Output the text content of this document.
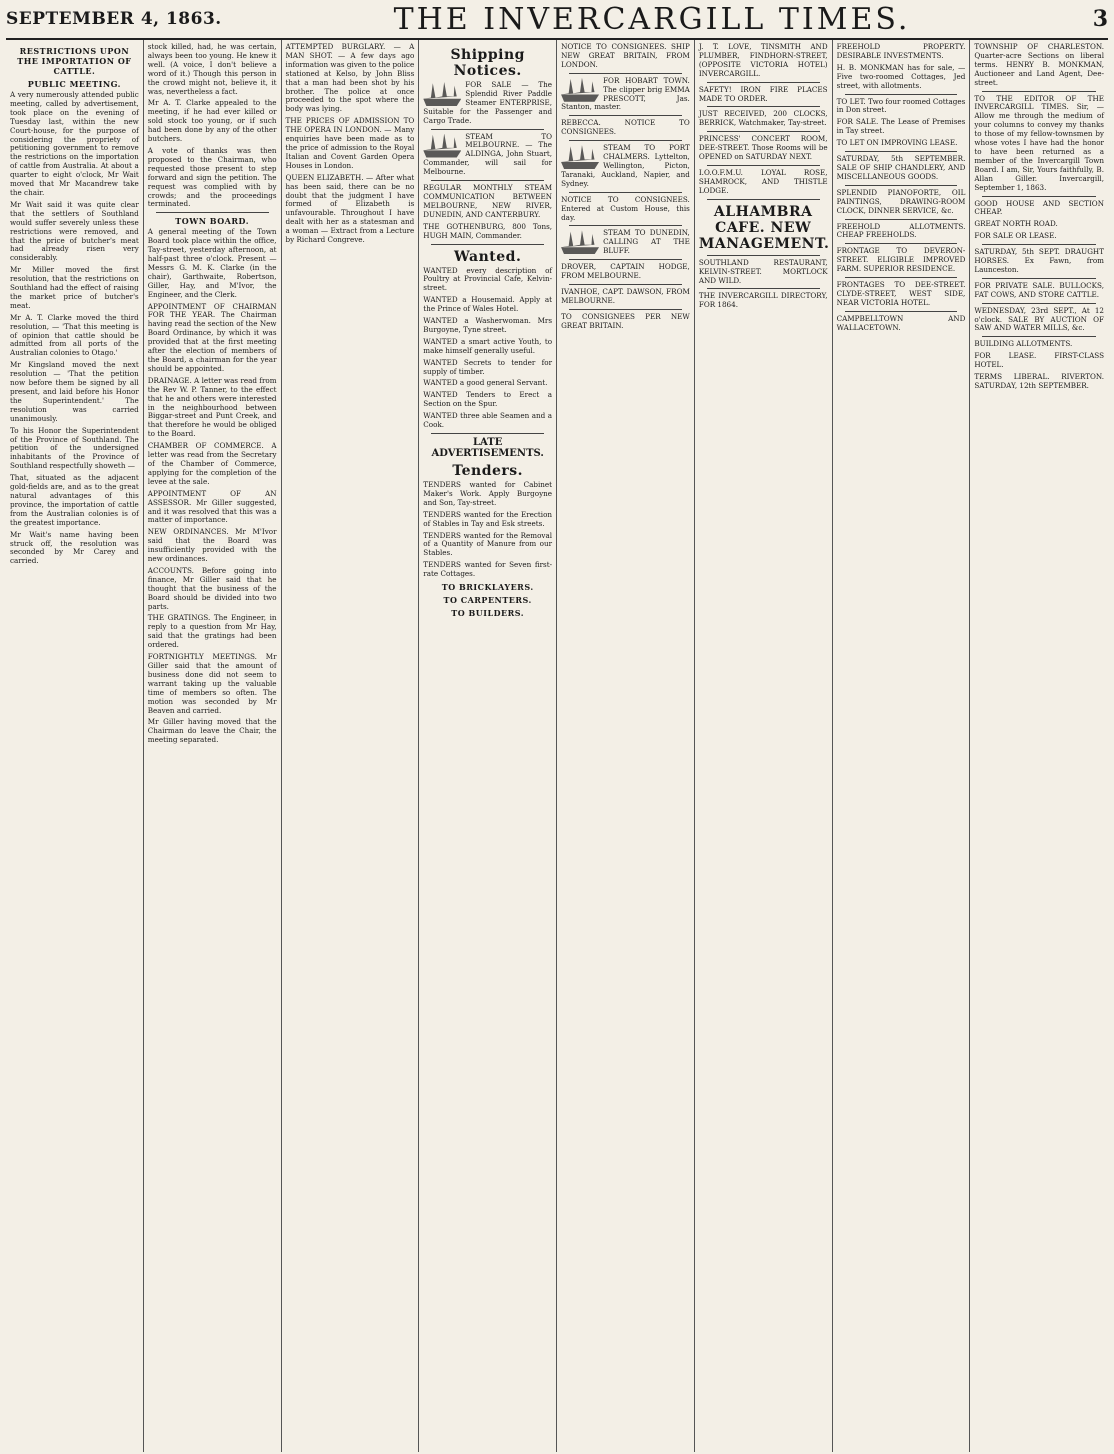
SEPTEMBER 4, 1863.	THE INVERCARGILL TIMES.	3
RESTRICTIONS UPON THE IMPORTATION OF CATTLE.
PUBLIC MEETING.

A very numerously attended public meeting, called by advertisement, took place on the evening of Tuesday last, within the new Court-house, for the purpose of considering the propriety of petitioning government to remove the restrictions on the importation of cattle from Australia. At about a quarter to eight o'clock, Mr Wait moved that Mr Macandrew take the chair.

Mr Wait said it was quite clear that the settlers of Southland would suffer severely unless these restrictions were removed, and that the price of butcher's meat had already risen very considerably.

Mr Miller moved the first resolution, that the restrictions on Southland had the effect of raising the market price of butcher's meat.

Mr A. T. Clarke moved the third resolution, — 'That this meeting is of opinion that cattle should be admitted from all ports of the Australian colonies to Otago.'

Mr Kingsland moved the next resolution — 'That the petition now before them be signed by all present, and laid before his Honor the Superintendent.' The resolution was carried unanimously.

To his Honor the Superintendent of the Province of Southland. The petition of the undersigned inhabitants of the Province of Southland respectfully showeth —

That, situated as the adjacent gold-fields are, and as to the great natural advantages of this province, the importation of cattle from the Australian colonies is of the greatest importance.

Mr Wait's name having been struck off, the resolution was seconded by Mr Carey and carried.

stock killed, had, he was certain, always been too young. He knew it well. (A voice, I don't believe a word of it.) Though this person in the crowd might not, believe it, it was, nevertheless a fact.

Mr A. T. Clarke appealed to the meeting, if he had ever killed or sold stock too young, or if such had been done by any of the other butchers.

A vote of thanks was then proposed to the Chairman, who requested those present to step forward and sign the petition. The request was complied with by crowds; and the proceedings terminated.

TOWN BOARD.

A general meeting of the Town Board took place within the office, Tay-street, yesterday afternoon, at half-past three o'clock. Present — Messrs G. M. K. Clarke (in the chair), Garthwaite, Robertson, Giller, Hay, and M'Ivor, the Engineer, and the Clerk.

APPOINTMENT OF CHAIRMAN FOR THE YEAR. The Chairman having read the section of the New Board Ordinance, by which it was provided that at the first meeting after the election of members of the Board, a chairman for the year should be appointed.

DRAINAGE. A letter was read from the Rev W. P. Tanner, to the effect that he and others were interested in the neighbourhood between Biggar-street and Punt Creek, and that therefore he would be obliged to the Board.

CHAMBER OF COMMERCE. A letter was read from the Secretary of the Chamber of Commerce, applying for the completion of the levee at the sale.

APPOINTMENT OF AN ASSESSOR. Mr Giller suggested, and it was resolved that this was a matter of importance.

NEW ORDINANCES. Mr M'Ivor said that the Board was insufficiently provided with the new ordinances.

ACCOUNTS. Before going into finance, Mr Giller said that he thought that the business of the Board should be divided into two parts.

THE GRATINGS. The Engineer, in reply to a question from Mr Hay, said that the gratings had been ordered.

FORTNIGHTLY MEETINGS. Mr Giller said that the amount of business done did not seem to warrant taking up the valuable time of members so often. The motion was seconded by Mr Beaven and carried.

Mr Giller having moved that the Chairman do leave the Chair, the meeting separated.

ATTEMPTED BURGLARY. — A MAN SHOT. — A few days ago information was given to the police stationed at Kelso, by John Bliss that a man had been shot by his brother. The police at once proceeded to the spot where the body was lying.

THE PRICES OF ADMISSION TO THE OPERA IN LONDON. — Many enquiries have been made as to the price of admission to the Royal Italian and Covent Garden Opera Houses in London.

QUEEN ELIZABETH. — After what has been said, there can be no doubt that the judgment I have formed of Elizabeth is unfavourable. Throughout I have dealt with her as a statesman and a woman — Extract from a Lecture by Richard Congreve.

Shipping Notices.

FOR SALE — The Splendid River Paddle Steamer ENTERPRISE, Suitable for the Passenger and Cargo Trade.

STEAM TO MELBOURNE. — The ALDINGA, John Stuart, Commander, will sail for Melbourne.

REGULAR MONTHLY STEAM COMMUNICATION BETWEEN MELBOURNE, NEW RIVER, DUNEDIN, AND CANTERBURY.

THE GOTHENBURG, 800 Tons, HUGH MAIN, Commander.

Wanted.

WANTED every description of Poultry at Provincial Cafe, Kelvin-street.

WANTED a Housemaid. Apply at the Prince of Wales Hotel.

WANTED a Washerwoman. Mrs Burgoyne, Tyne street.

WANTED a smart active Youth, to make himself generally useful.

WANTED Secrets to tender for supply of timber.

WANTED a good general Servant.

WANTED Tenders to Erect a Section on the Spur.

WANTED three able Seamen and a Cook.

LATE ADVERTISEMENTS.
Tenders.

TENDERS wanted for Cabinet Maker's Work. Apply Burgoyne and Son, Tay-street.

TENDERS wanted for the Erection of Stables in Tay and Esk streets.

TENDERS wanted for the Removal of a Quantity of Manure from our Stables.

TENDERS wanted for Seven first-rate Cottages.

TO BRICKLAYERS.
TO CARPENTERS.
TO BUILDERS.

NOTICE TO CONSIGNEES. SHIP NEW GREAT BRITAIN, FROM LONDON.

FOR HOBART TOWN. The clipper brig EMMA PRESCOTT, Jas. Stanton, master.

REBECCA. NOTICE TO CONSIGNEES.

STEAM TO PORT CHALMERS. Lyttelton, Wellington, Picton, Taranaki, Auckland, Napier, and Sydney.

NOTICE TO CONSIGNEES. Entered at Custom House, this day.

STEAM TO DUNEDIN, CALLING AT THE BLUFF.

DROVER, CAPTAIN HODGE, FROM MELBOURNE.

IVANHOE, CAPT. DAWSON, FROM MELBOURNE.

TO CONSIGNEES PER NEW GREAT BRITAIN.

J. T. LOVE, TINSMITH AND PLUMBER, FINDHORN-STREET, (OPPOSITE VICTORIA HOTEL) INVERCARGILL.

SAFETY! IRON FIRE PLACES MADE TO ORDER.

JUST RECEIVED, 200 CLOCKS, BERRICK, Watchmaker, Tay-street.

PRINCESS' CONCERT ROOM, DEE-STREET. Those Rooms will be OPENED on SATURDAY NEXT.

I.O.O.F.M.U. LOYAL ROSE, SHAMROCK, AND THISTLE LODGE.

ALHAMBRA CAFE. NEW MANAGEMENT.

SOUTHLAND RESTAURANT, KELVIN-STREET. MORTLOCK AND WILD.

THE INVERCARGILL DIRECTORY, FOR 1864.

FREEHOLD PROPERTY. DESIRABLE INVESTMENTS.

H. B. MONKMAN has for sale, — Five two-roomed Cottages, Jed street, with allotments.

TO LET. Two four roomed Cottages in Don street.

FOR SALE. The Lease of Premises in Tay street.

TO LET ON IMPROVING LEASE.

SATURDAY, 5th SEPTEMBER. SALE OF SHIP CHANDLERY, AND MISCELLANEOUS GOODS.

SPLENDID PIANOFORTE, OIL PAINTINGS, DRAWING-ROOM CLOCK, DINNER SERVICE, &c.

FREEHOLD ALLOTMENTS. CHEAP FREEHOLDS.

FRONTAGE TO DEVERON-STREET. ELIGIBLE IMPROVED FARM. SUPERIOR RESIDENCE.

FRONTAGES TO DEE-STREET. CLYDE-STREET, WEST SIDE, NEAR VICTORIA HOTEL.

CAMPBELLTOWN AND WALLACETOWN.

TOWNSHIP OF CHARLESTON. Quarter-acre Sections on liberal terms. HENRY B. MONKMAN, Auctioneer and Land Agent, Dee-street.

TO THE EDITOR OF THE INVERCARGILL TIMES. Sir, — Allow me through the medium of your columns to convey my thanks to those of my fellow-townsmen by whose votes I have had the honor to have been returned as a member of the Invercargill Town Board. I am, Sir, Yours faithfully, B. Allan Giller. Invercargill, September 1, 1863.

GOOD HOUSE AND SECTION CHEAP.

GREAT NORTH ROAD.

FOR SALE OR LEASE.

SATURDAY, 5th SEPT. DRAUGHT HORSES. Ex Fawn, from Launceston.

FOR PRIVATE SALE. BULLOCKS, FAT COWS, AND STORE CATTLE.

WEDNESDAY, 23rd SEPT., At 12 o'clock. SALE BY AUCTION OF SAW AND WATER MILLS, &c.

BUILDING ALLOTMENTS.

FOR LEASE. FIRST-CLASS HOTEL.

TERMS LIBERAL. RIVERTON. SATURDAY, 12th SEPTEMBER.
